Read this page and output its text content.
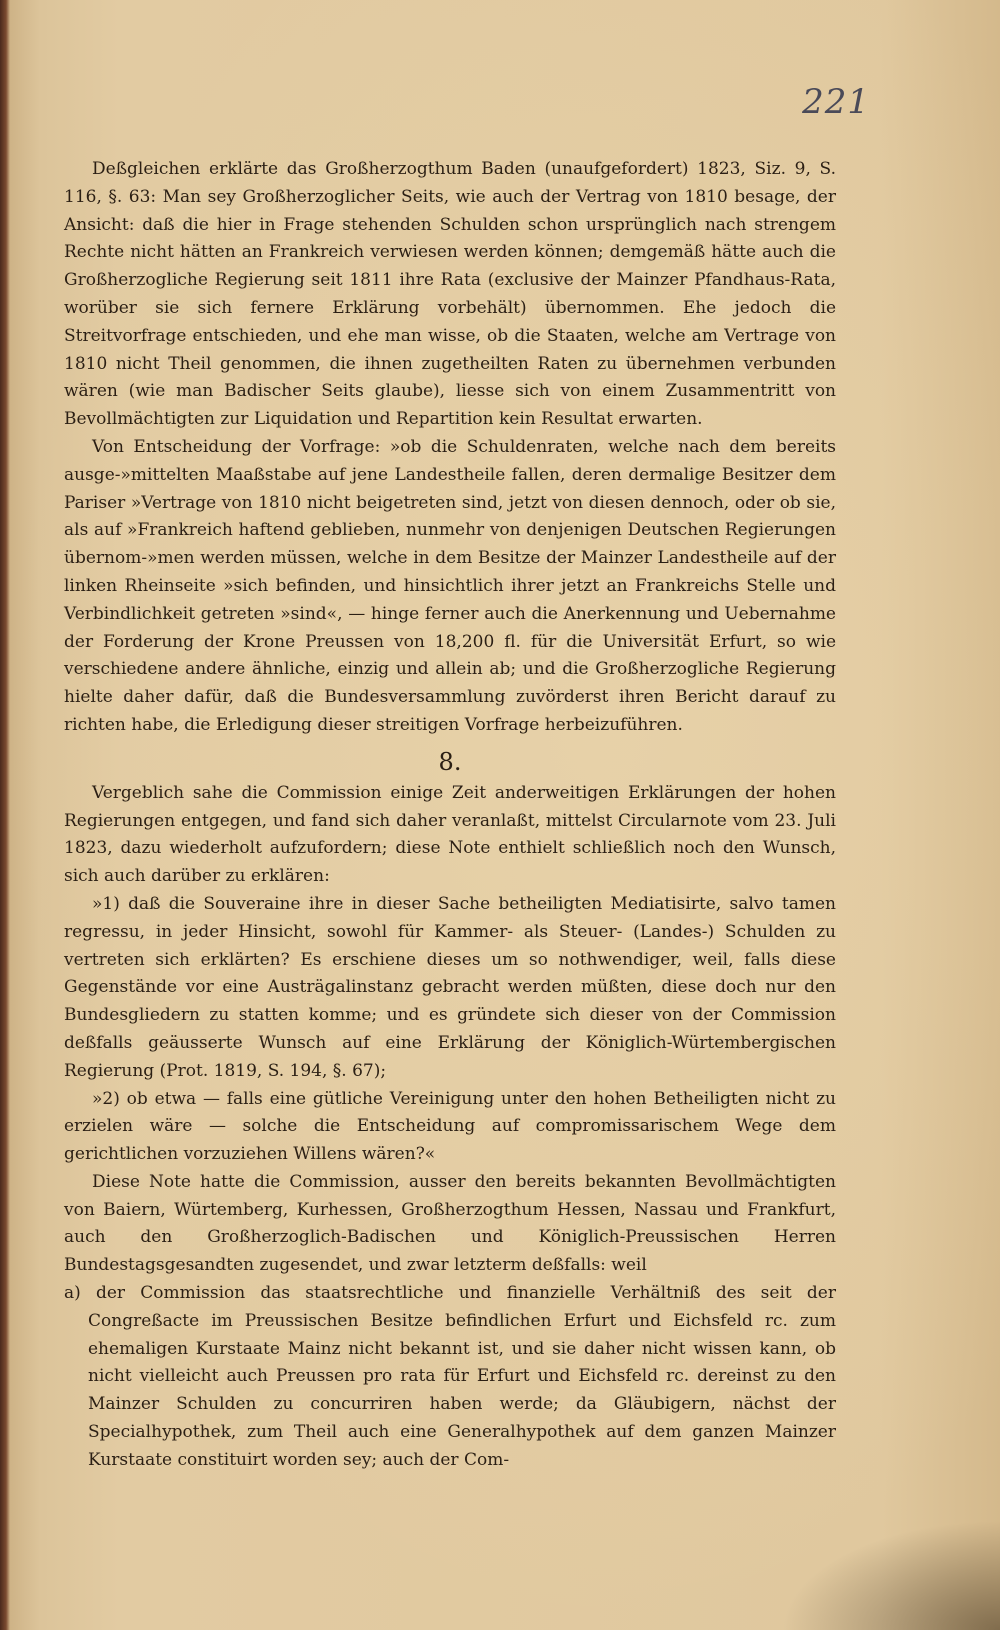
221

Deßgleichen erklärte das Großherzogthum Baden (unaufgefordert) 1823, Siz. 9, S. 116, §. 63: Man sey Großherzoglicher Seits, wie auch der Vertrag von 1810 besage, der Ansicht: daß die hier in Frage stehenden Schulden schon ursprünglich nach strengem Rechte nicht hätten an Frankreich verwiesen werden können; demgemäß hätte auch die Großherzogliche Regierung seit 1811 ihre Rata (exclusive der Mainzer Pfandhaus-Rata, worüber sie sich fernere Erklärung vorbehält) übernommen. Ehe jedoch die Streitvorfrage entschieden, und ehe man wisse, ob die Staaten, welche am Vertrage von 1810 nicht Theil genommen, die ihnen zugetheilten Raten zu übernehmen verbunden wären (wie man Badischer Seits glaube), liesse sich von einem Zusammentritt von Bevollmächtigten zur Liquidation und Repartition kein Resultat erwarten.

Von Entscheidung der Vorfrage: »ob die Schuldenraten, welche nach dem bereits ausge-»mittelten Maaßstabe auf jene Landestheile fallen, deren dermalige Besitzer dem Pariser »Vertrage von 1810 nicht beigetreten sind, jetzt von diesen dennoch, oder ob sie, als auf »Frankreich haftend geblieben, nunmehr von denjenigen Deutschen Regierungen übernom-»men werden müssen, welche in dem Besitze der Mainzer Landestheile auf der linken Rheinseite »sich befinden, und hinsichtlich ihrer jetzt an Frankreichs Stelle und Verbindlichkeit getreten »sind«, — hinge ferner auch die Anerkennung und Uebernahme der Forderung der Krone Preussen von 18,200 fl. für die Universität Erfurt, so wie verschiedene andere ähnliche, einzig und allein ab; und die Großherzogliche Regierung hielte daher dafür, daß die Bundesversammlung zuvörderst ihren Bericht darauf zu richten habe, die Erledigung dieser streitigen Vorfrage herbeizuführen.

8.

Vergeblich sahe die Commission einige Zeit anderweitigen Erklärungen der hohen Regierungen entgegen, und fand sich daher veranlaßt, mittelst Circularnote vom 23. Juli 1823, dazu wiederholt aufzufordern; diese Note enthielt schließlich noch den Wunsch, sich auch darüber zu erklären:

»1) daß die Souveraine ihre in dieser Sache betheiligten Mediatisirte, salvo tamen regressu, in jeder Hinsicht, sowohl für Kammer- als Steuer- (Landes-) Schulden zu vertreten sich erklärten? Es erschiene dieses um so nothwendiger, weil, falls diese Gegenstände vor eine Austrägalinstanz gebracht werden müßten, diese doch nur den Bundesgliedern zu statten komme; und es gründete sich dieser von der Commission deßfalls geäusserte Wunsch auf eine Erklärung der Königlich-Würtembergischen Regierung (Prot. 1819, S. 194, §. 67);

»2) ob etwa — falls eine gütliche Vereinigung unter den hohen Betheiligten nicht zu erzielen wäre — solche die Entscheidung auf compromissarischem Wege dem gerichtlichen vorzuziehen Willens wären?«

Diese Note hatte die Commission, ausser den bereits bekannten Bevollmächtigten von Baiern, Würtemberg, Kurhessen, Großherzogthum Hessen, Nassau und Frankfurt, auch den Großherzoglich-Badischen und Königlich-Preussischen Herren Bundestagsgesandten zugesendet, und zwar letzterm deßfalls: weil

a) der Commission das staatsrechtliche und finanzielle Verhältniß des seit der Congreßacte im Preussischen Besitze befindlichen Erfurt und Eichsfeld rc. zum ehemaligen Kurstaate Mainz nicht bekannt ist, und sie daher nicht wissen kann, ob nicht vielleicht auch Preussen pro rata für Erfurt und Eichsfeld rc. dereinst zu den Mainzer Schulden zu concurriren haben werde; da Gläubigern, nächst der Specialhypothek, zum Theil auch eine Generalhypothek auf dem ganzen Mainzer Kurstaate constituirt worden sey; auch der Com-
